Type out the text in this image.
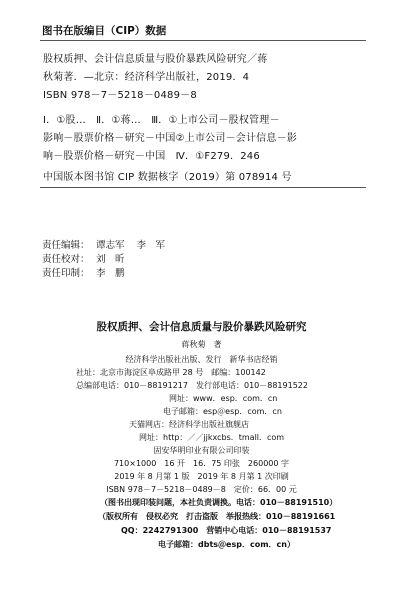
图书在版编目（CIP）数据
股权质押、会计信息质量与股价暴跌风险研究／蒋
秋菊著．—北京：经济科学出版社，2019．4
ISBN 978－7－5218－0489－8
Ⅰ．①股…　Ⅱ．①蒋…　Ⅲ．①上市公司－股权管理－
影响－股票价格－研究－中国②上市公司－会计信息－影
响－股票价格－研究－中国　Ⅳ．①F279．246
中国版本图书馆 CIP 数据核字（2019）第 078914 号
责任编辑： 谭志军 李　军
责任校对： 刘　昕
责任印制： 李　鹏
股权质押、会计信息质量与股价暴跌风险研究
蒋秋菊　著
经济科学出版社出版、发行　新华书店经销
社址：北京市海淀区阜成路甲 28 号　邮编：100142
总编部电话：010－88191217　发行部电话：010－88191522
网址：www．esp．com．cn
电子邮箱：esp＠esp．com．cn
天猫网店：经济科学出版社旗舰店
网址：http：／／jjkxcbs．tmall．com
固安华明印业有限公司印装
710×1000　16 开　16．75 印张　260000 字
2019 年 8 月第 1 版　2019 年 8 月第 1 次印刷
ISBN 978－7－5218－0489－8　定价：66．00 元
（图书出现印装问题，本社负责调换。电话：010－88191510）
（版权所有　侵权必究　打击盗版　举报热线：010－88191661
QQ：2242791300　营销中心电话：010－88191537
电子邮箱：dbts＠esp．com．cn）
